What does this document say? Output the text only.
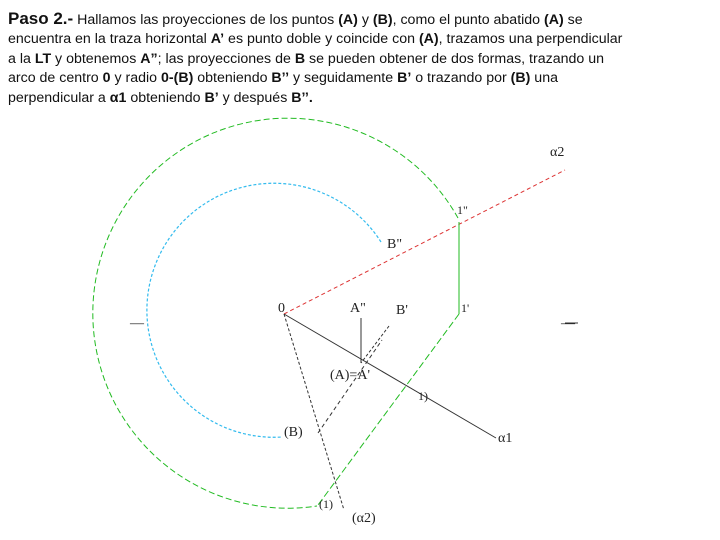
Paso 2.- Hallamos las proyecciones de los puntos (A) y (B), como el punto abatido (A) se

encuentra en la traza horizontal A’ es punto doble y coincide con (A), trazamos una perpendicular

a la LT y obtenemos A”; las proyecciones de B se pueden obtener de dos formas, trazando un

arco de centro 0 y radio 0-(B) obteniendo B’’ y seguidamente B’ o trazando por (B) una

perpendicular a α1 obteniendo B’ y después B’’.

α2
1"
B"
0	A" B'	1'
—	—
(A)=A'
1)
(B)	α1
(1)
(α2)
